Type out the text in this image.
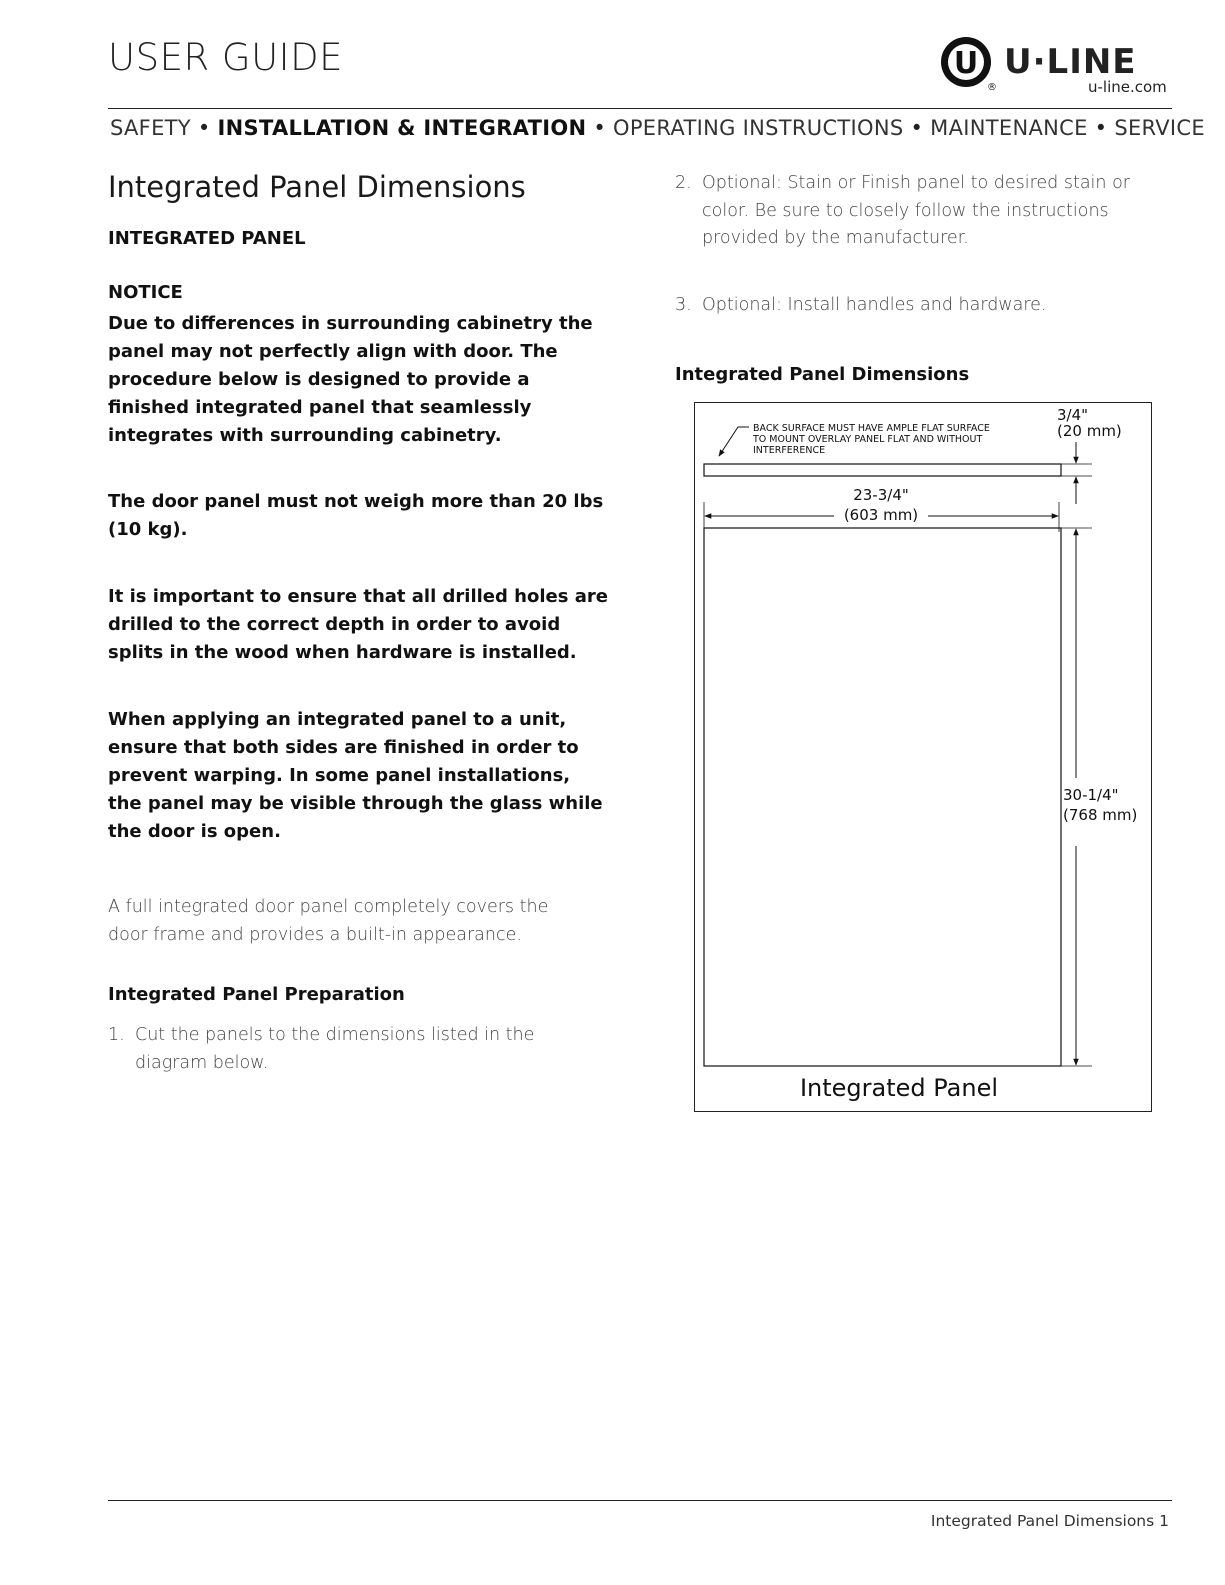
USER GUIDE	U
®
U·LINE
u-line.com
SAFETY • INSTALLATION & INTEGRATION • OPERATING INSTRUCTIONS • MAINTENANCE • SERVICE
Integrated Panel Dimensions
INTEGRATED PANEL
NOTICE

Due to differences in surrounding cabinetry the panel may not perfectly align with door. The procedure below is designed to provide a finished integrated panel that seamlessly integrates with surrounding cabinetry.

The door panel must not weigh more than 20 lbs (10 kg).

It is important to ensure that all drilled holes are drilled to the correct depth in order to avoid splits in the wood when hardware is installed.

When applying an integrated panel to a unit, ensure that both sides are finished in order to prevent warping. In some panel installations, the panel may be visible through the glass while the door is open.

A full integrated door panel completely covers the door frame and provides a built-in appearance.

Integrated Panel Preparation
1. Cut the panels to the dimensions listed in the diagram below.
2. Optional: Stain or Finish panel to desired stain or color. Be sure to closely follow the instructions provided by the manufacturer.
3. Optional: Install handles and hardware.
Integrated Panel Dimensions
BACK SURFACE MUST HAVE AMPLE FLAT SURFACE
TO MOUNT OVERLAY PANEL FLAT AND WITHOUT
INTERFERENCE
3/4"
(20 mm)
23-3/4"
(603 mm)
30-1/4"
(768 mm)
Integrated Panel
Integrated Panel Dimensions 1
